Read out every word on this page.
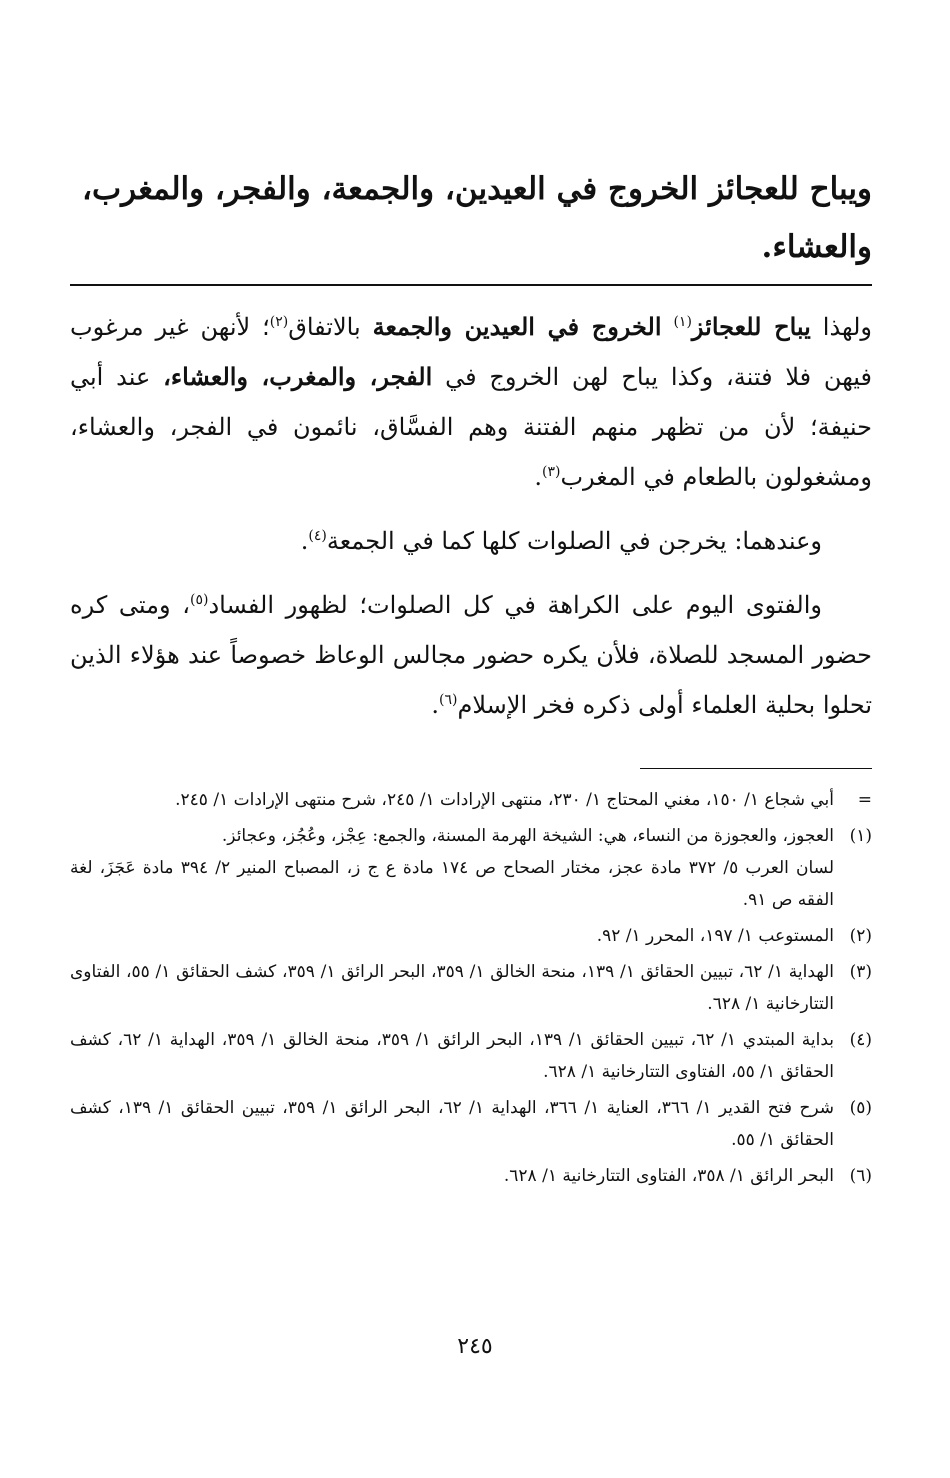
ويباح للعجائز الخروج في العيدين، والجمعة، والفجر، والمغرب،
والعشاء.

ولهذا يباح للعجائز$^{(١)}$ الخروج في العيدين والجمعة بالاتفاق$^{(٢)}$؛ لأنهن غير مرغوب فيهن فلا فتنة، وكذا يباح لهن الخروج في الفجر، والمغرب، والعشاء، عند أبي حنيفة؛ لأن من تظهر منهم الفتنة وهم الفسَّاق، نائمون في الفجر، والعشاء، ومشغولون بالطعام في المغرب$^{(٣)}$.

وعندهما: يخرجن في الصلوات كلها كما في الجمعة$^{(٤)}$.

والفتوى اليوم على الكراهة في كل الصلوات؛ لظهور الفساد$^{(٥)}$، ومتى كره حضور المسجد للصلاة، فلأن يكره حضور مجالس الوعاظ خصوصاً عند هؤلاء الذين تحلوا بحلية العلماء أولى ذكره فخر الإسلام$^{(٦)}$.

=
أبي شجاع ١/ ١٥٠، مغني المحتاج ١/ ٢٣٠، منتهى الإرادات ١/ ٢٤٥، شرح منتهى الإرادات ١/ ٢٤٥.
(١)
العجوز، والعجوزة من النساء، هي: الشيخة الهرمة المسنة، والجمع: عِجْز، وعُجُز، وعجائز.
لسان العرب ٥/ ٣٧٢ مادة عجز، مختار الصحاح ص ١٧٤ مادة ع ج ز، المصباح المنير ٢/ ٣٩٤ مادة عَجَزَ، لغة الفقه ص ٩١.
(٢)
المستوعب ١/ ١٩٧، المحرر ١/ ٩٢.
(٣)
الهداية ١/ ٦٢، تبيين الحقائق ١/ ١٣٩، منحة الخالق ١/ ٣٥٩، البحر الرائق ١/ ٣٥٩، كشف الحقائق ١/ ٥٥، الفتاوى التتارخانية ١/ ٦٢٨.
(٤)
بداية المبتدي ١/ ٦٢، تبيين الحقائق ١/ ١٣٩، البحر الرائق ١/ ٣٥٩، منحة الخالق ١/ ٣٥٩، الهداية ١/ ٦٢، كشف الحقائق ١/ ٥٥، الفتاوى التتارخانية ١/ ٦٢٨.
(٥)
شرح فتح القدير ١/ ٣٦٦، العناية ١/ ٣٦٦، الهداية ١/ ٦٢، البحر الرائق ١/ ٣٥٩، تبيين الحقائق ١/ ١٣٩، كشف الحقائق ١/ ٥٥.
(٦)
البحر الرائق ١/ ٣٥٨، الفتاوى التتارخانية ١/ ٦٢٨.
٢٤٥
